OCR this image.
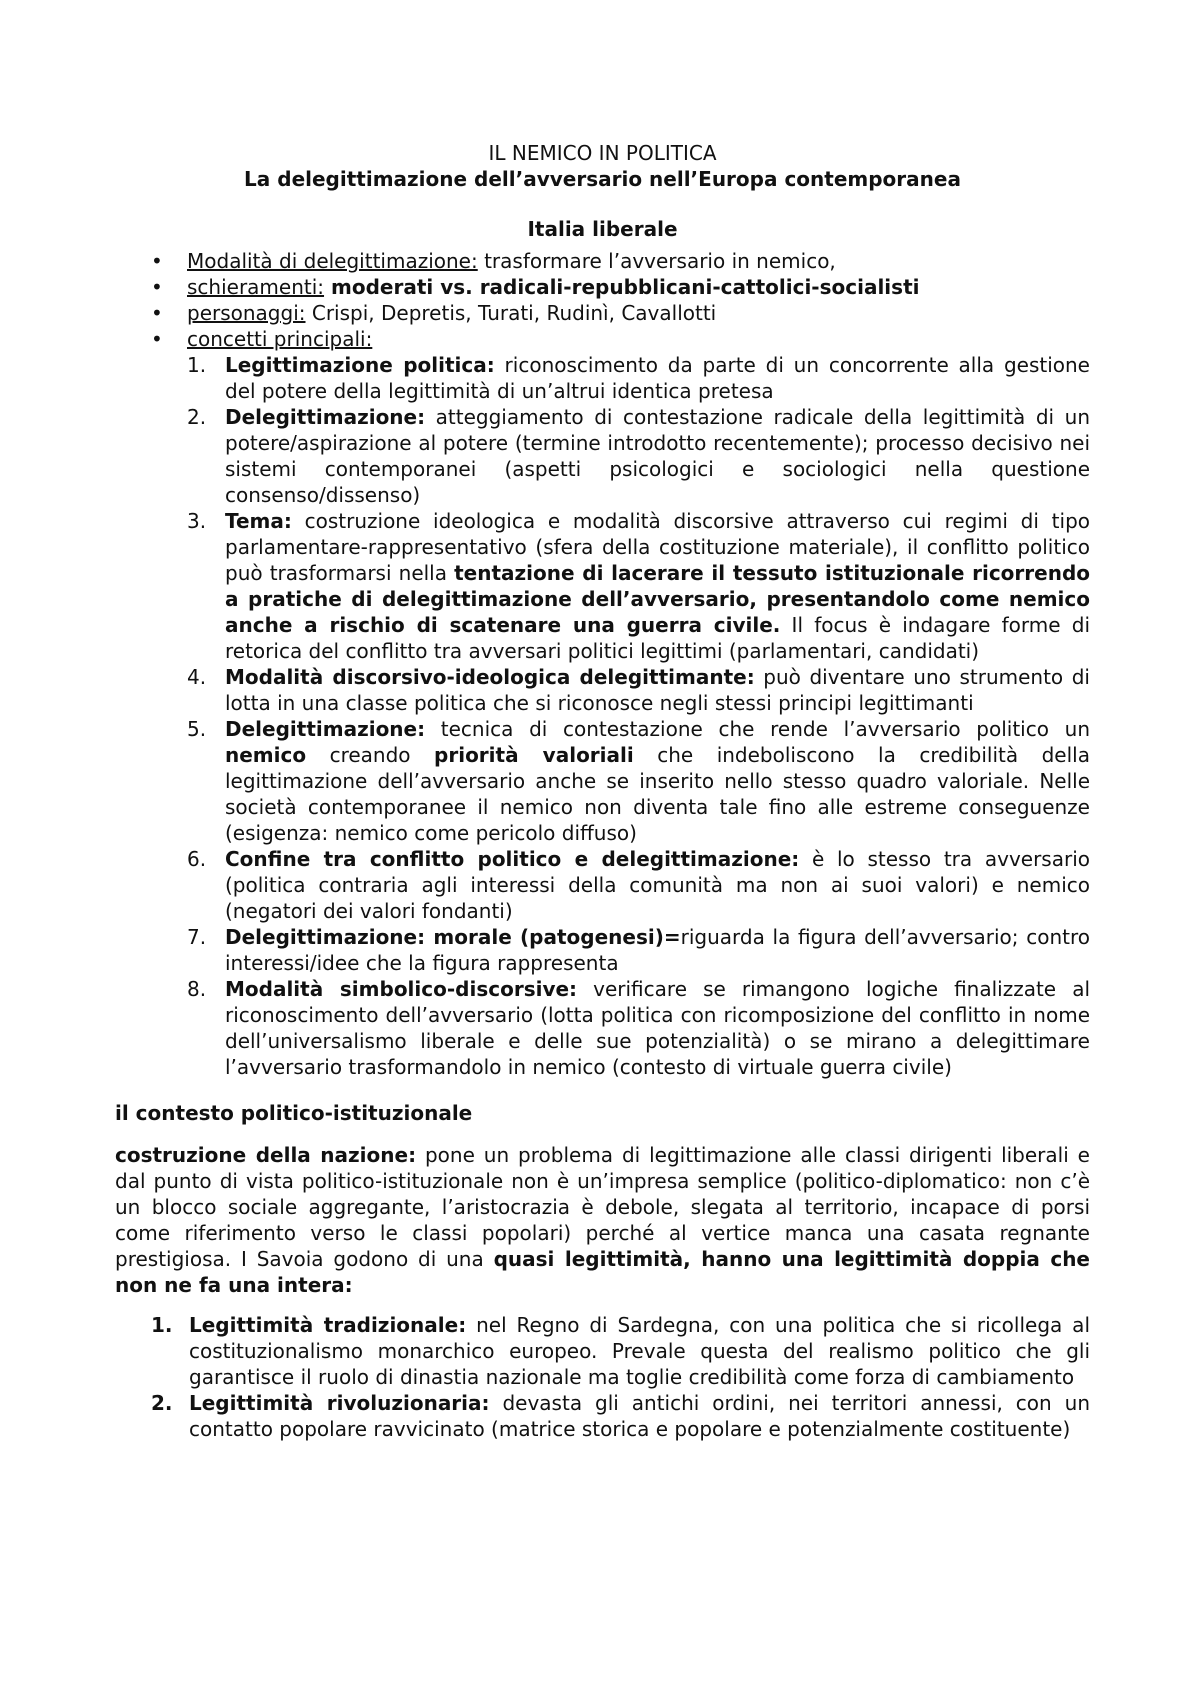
IL NEMICO IN POLITICA
La delegittimazione dell’avversario nell’Europa contemporanea
Italia liberale
• Modalità di delegittimazione: trasformare l’avversario in nemico,
• schieramenti: moderati vs. radicali-repubblicani-cattolici-socialisti
• personaggi: Crispi, Depretis, Turati, Rudinì, Cavallotti
• concetti principali:
1. Legittimazione politica: riconoscimento da parte di un concorrente alla gestione del potere della legittimità di un’altrui identica pretesa
2. Delegittimazione: atteggiamento di contestazione radicale della legittimità di un potere/aspirazione al potere (termine introdotto recentemente); processo decisivo nei sistemi contemporanei (aspetti psicologici e sociologici nella questione consenso/dissenso)
3. Tema: costruzione ideologica e modalità discorsive attraverso cui regimi di tipo parlamentare-rappresentativo (sfera della costituzione materiale), il conflitto politico può trasformarsi nella tentazione di lacerare il tessuto istituzionale ricorrendo a pratiche di delegittimazione dell’avversario, presentandolo come nemico anche a rischio di scatenare una guerra civile. Il focus è indagare forme di retorica del conflitto tra avversari politici legittimi (parlamentari, candidati)
4. Modalità discorsivo-ideologica delegittimante: può diventare uno strumento di lotta in una classe politica che si riconosce negli stessi principi legittimanti
5. Delegittimazione: tecnica di contestazione che rende l’avversario politico un nemico creando priorità valoriali che indeboliscono la credibilità della legittimazione dell’avversario anche se inserito nello stesso quadro valoriale. Nelle società contemporanee il nemico non diventa tale fino alle estreme conseguenze (esigenza: nemico come pericolo diffuso)
6. Confine tra conflitto politico e delegittimazione: è lo stesso tra avversario (politica contraria agli interessi della comunità ma non ai suoi valori) e nemico (negatori dei valori fondanti)
7. Delegittimazione: morale (patogenesi)=riguarda la figura dell’avversario; contro interessi/idee che la figura rappresenta
8. Modalità simbolico-discorsive: verificare se rimangono logiche finalizzate al riconoscimento dell’avversario (lotta politica con ricomposizione del conflitto in nome dell’universalismo liberale e delle sue potenzialità) o se mirano a delegittimare l’avversario trasformandolo in nemico (contesto di virtuale guerra civile)
il contesto politico-istituzionale

costruzione della nazione: pone un problema di legittimazione alle classi dirigenti liberali e dal punto di vista politico-istituzionale non è un’impresa semplice (politico-diplomatico: non c’è un blocco sociale aggregante, l’aristocrazia è debole, slegata al territorio, incapace di porsi come riferimento verso le classi popolari) perché al vertice manca una casata regnante prestigiosa. I Savoia godono di una quasi legittimità, hanno una legittimità doppia che non ne fa una intera:

1. Legittimità tradizionale: nel Regno di Sardegna, con una politica che si ricollega al costituzionalismo monarchico europeo. Prevale questa del realismo politico che gli garantisce il ruolo di dinastia nazionale ma toglie credibilità come forza di cambiamento
2. Legittimità rivoluzionaria: devasta gli antichi ordini, nei territori annessi, con un contatto popolare ravvicinato (matrice storica e popolare e potenzialmente costituente)
